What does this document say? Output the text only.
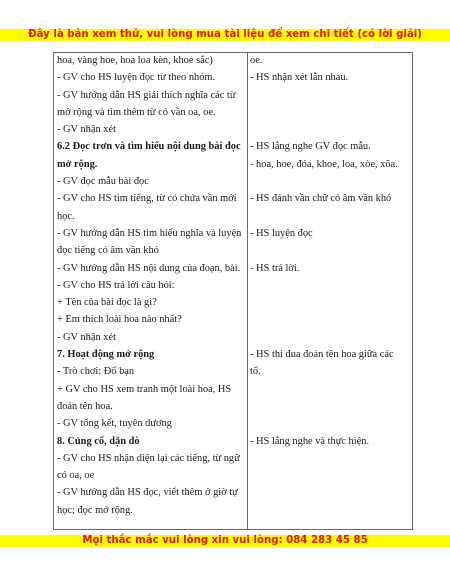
Đây là bản xem thử, vui lòng mua tài liệu để xem chi tiết (có lời giải)
hoa, vàng hoe, hoa loa kèn, khoe sắc)
- GV cho HS luyện đọc từ theo nhóm.
- GV hướng dẫn HS giải thích nghĩa các từ
mở rộng và tìm thêm từ có vần oa, oe.
- GV nhận xét
6.2 Đọc trơn và tìm hiểu nội dung bài đọc
mở rộng.
- GV đọc mẫu bài đọc
- GV cho HS tìm tiếng, từ có chứa vần mới
học.
- GV hướng dẫn HS tìm hiểu nghĩa và luyện
đọc tiếng có âm vần khó
- GV hướng dẫn HS nội dung của đoạn, bài.
- GV cho HS trả lời câu hỏi:
+ Tên của bài đọc là gì?
+ Em thích loài hoa nào nhất?
- GV nhận xét
7. Hoạt động mở rộng
- Trò chơi: Đố bạn
+ GV cho HS xem tranh một loài hoa, HS
đoán tên hoa.
- GV tổng kết, tuyên dương
8. Củng cố, dặn dò
- GV cho HS nhận diện lại các tiếng, từ ngữ
có oa, oe
- GV hướng dẫn HS đọc, viết thêm ở giờ tự
học; đọc mở rộng.
oe.
- HS nhận xét lẫn nhau.
- HS lắng nghe GV đọc mẫu.
- hoa, hoe, đóa, khoe, loa, xòe, xõa.
- HS đánh vần chữ có âm vần khó
- HS luyện đọc
- HS trả lời.
- HS thi đua đoán tên hoa giữa các
tổ.
- HS lắng nghe và thực hiện.
Mọi thắc mắc vui lòng xin vui lòng: 084 283 45 85
